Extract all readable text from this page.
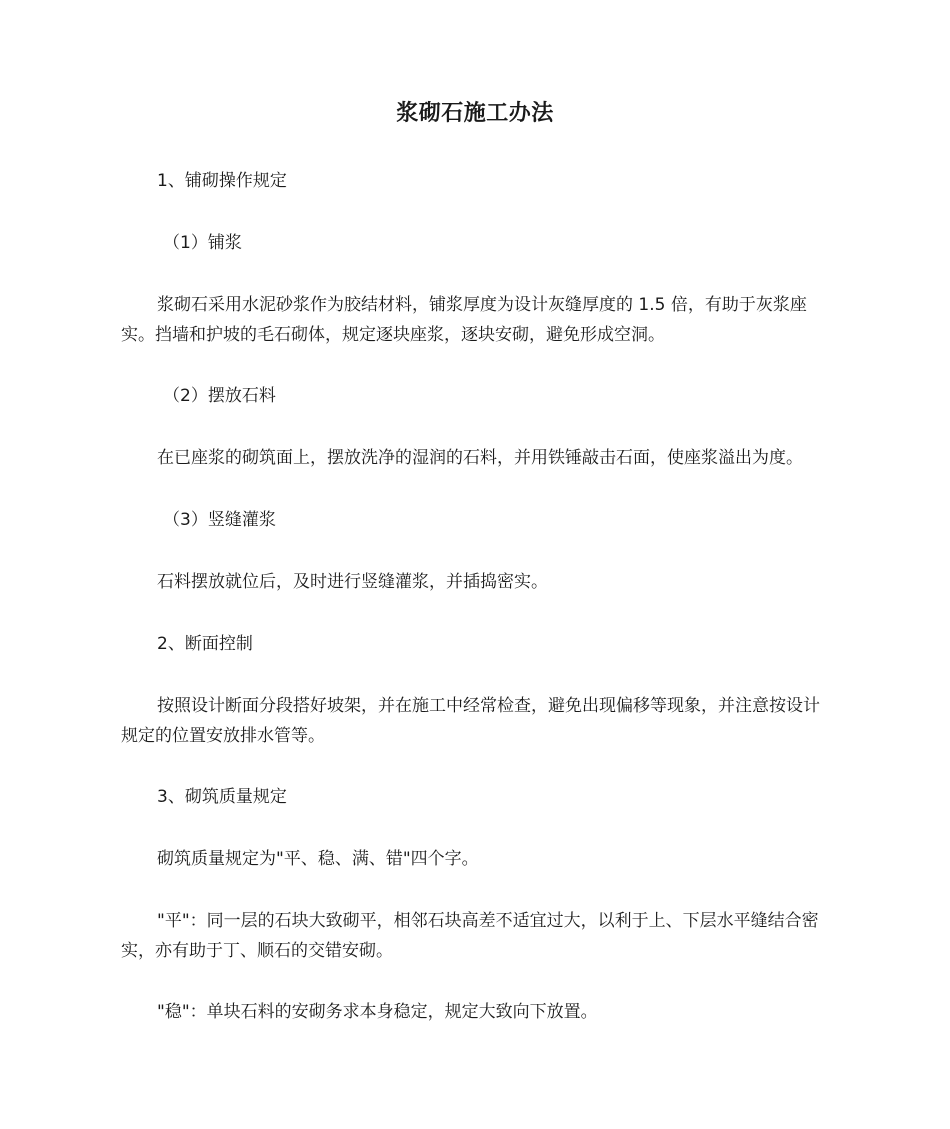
浆砌石施工办法

1、铺砌操作规定

（1）铺浆

浆砌石采用水泥砂浆作为胶结材料，铺浆厚度为设计灰缝厚度的 1.5 倍，有助于灰浆座实。挡墙和护坡的毛石砌体，规定逐块座浆，逐块安砌，避免形成空洞。

（2）摆放石料

在已座浆的砌筑面上，摆放洗净的湿润的石料，并用铁锤敲击石面，使座浆溢出为度。

（3）竖缝灌浆

石料摆放就位后，及时进行竖缝灌浆，并插捣密实。

2、断面控制

按照设计断面分段搭好坡架，并在施工中经常检查，避免出现偏移等现象，并注意按设计规定的位置安放排水管等。

3、砌筑质量规定

砌筑质量规定为"平、稳、满、错"四个字。

"平"：同一层的石块大致砌平，相邻石块高差不适宜过大，以利于上、下层水平缝结合密实，亦有助于丁、顺石的交错安砌。

"稳"：单块石料的安砌务求本身稳定，规定大致向下放置。
